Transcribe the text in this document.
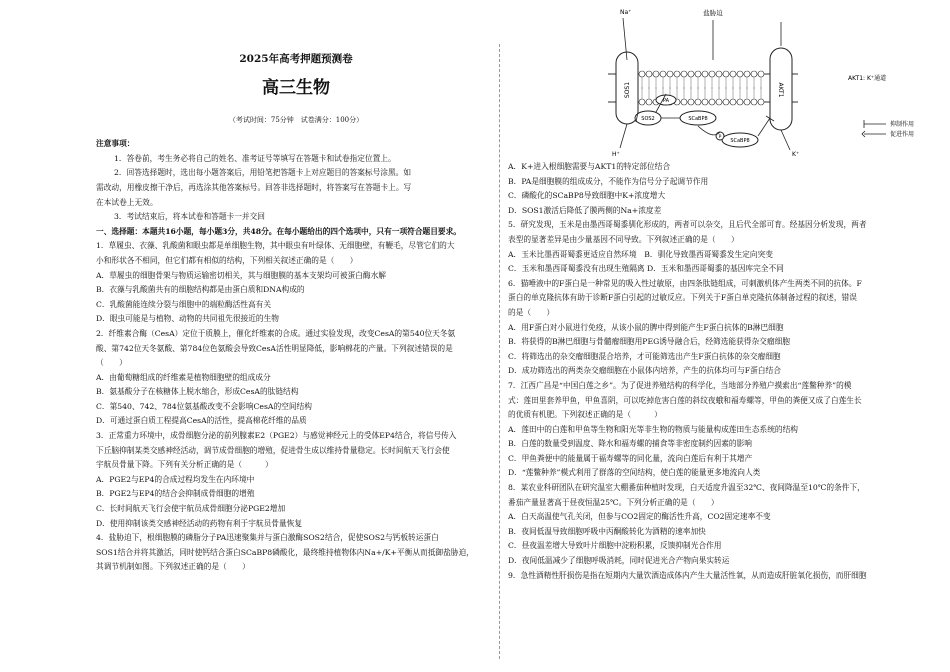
2025年高考押题预测卷

高三生物

（考试时间：75分钟　试卷满分：100分）

注意事项：

1．答卷前，考生务必将自己的姓名、准考证号等填写在答题卡和试卷指定位置上。

2．回答选择题时，选出每小题答案后，用铅笔把答题卡上对应题目的答案标号涂黑。如

需改动，用橡皮擦干净后，再选涂其他答案标号。回答非选择题时，将答案写在答题卡上。写

在本试卷上无效。

3．考试结束后，将本试卷和答题卡一并交回

一、选择题：本题共16小题，每小题3分，共48分。在每小题给出的四个选项中，只有一项符合题目要求。

1．草履虫、衣藻、乳酸菌和眼虫都是单细胞生物，其中眼虫有叶绿体、无细胞壁，有鞭毛，尽管它们的大

小和形状各不相同，但它们都有相似的结构，下列相关叙述正确的是（　　）

A．草履虫的细胞骨架与物质运输密切相关，其与细胞膜的基本支架均可被蛋白酶水解

B．衣藻与乳酸菌共有的细胞结构都是由蛋白质和DNA构成的

C．乳酸菌能连续分裂与细胞中的端粒酶活性高有关

D．眼虫可能是与植物、动物的共同祖先很接近的生物

2．纤维素合酶（CesA）定位于质膜上，催化纤维素的合成。通过实验发现，改变CesA的第540位天冬氨

酸、第742位天冬氨酸、第784位色氨酸会导致CesA活性明显降低，影响棉花的产量。下列叙述错误的是

（　　）

A．由葡萄糖组成的纤维素是植物细胞壁的组成成分

B．氨基酸分子在核糖体上脱水缩合，形成CesA的肽链结构

C．第540、742、784位氨基酸改变不会影响CesA的空间结构

D．可通过蛋白质工程提高CesA的活性，提高棉花纤维的品质

3．正常重力环境中，成骨细胞分泌的前列腺素E2（PGE2）与感觉神经元上的受体EP4结合，将信号传入

下丘脑抑制某类交感神经活动，调节成骨细胞的增殖，促进骨生成以维持骨量稳定。长时间航天飞行会使

宇航员骨量下降。下列有关分析正确的是（　　　）

A．PGE2与EP4的合成过程均发生在内环境中

B．PGE2与EP4的结合会抑制成骨细胞的增殖

C．长时间航天飞行会使宇航员成骨细胞分泌PGE2增加

D．使用抑制该类交感神经活动的药物有利于宇航员骨量恢复

4．盐胁迫下，根细胞膜的磷脂分子PA迅速聚集并与蛋白激酶SOS2结合，促使SOS2与钙板转运蛋白

SOS1结合并将其激活，同时使钙结合蛋白SCaBP8磷酸化，最终维持植物体内Na+/K+平衡从而抵御盐胁迫，

其调节机制如图。下列叙述正确的是（　　）

SOS1	AKT1
PA
SOS2	SCaBP8
SCaBP8
P
Na⁺
H⁺	K⁺
盐胁迫
AKT1: K⁺通道
抑制作用
促进作用

A．K+进入根细胞需要与AKT1的特定部位结合

B．PA是细胞膜的组成成分，不能作为信号分子起调节作用

C．磷酸化的SCaBP8导致细胞中K+浓度增大

D．SOS1激活后降低了膜两侧的Na+浓度差

5．研究发现，玉米是由墨西哥蜀黍驯化形成的，两者可以杂交，且后代全部可育。经基因分析发现，两者

表型的显著差异是由少量基因不同导致。下列叙述正确的是（　　）

A．玉米比墨西哥蜀黍更适应自然环境　B．驯化导致墨西哥蜀黍发生定向突变

C．玉米和墨西哥蜀黍没有出现生殖隔离 D．玉米和墨西哥蜀黍的基因库完全不同

6．猫唾液中的F蛋白是一种常见的吸入性过敏原，由四条肽链组成，可刺激机体产生两类不同的抗体。F

蛋白的单克隆抗体有助于诊断F蛋白引起的过敏反应。下列关于F蛋白单克隆抗体制备过程的叙述，错误

的是（　　）

A．用F蛋白对小鼠进行免疫，从该小鼠的脾中得到能产生F蛋白抗体的B淋巴细胞

B．将获得的B淋巴细胞与骨髓瘤细胞用PEG诱导融合后，经筛选能获得杂交瘤细胞

C．将筛选出的杂交瘤细胞混合培养，才可能筛选出产生F蛋白抗体的杂交瘤细胞

D．成功筛选出的两类杂交瘤细胞在小鼠体内培养，产生的抗体均可与F蛋白结合

7．江西广昌是“中国白莲之乡”。为了促进养殖结构的科学化，当地部分养殖户摸索出“莲鳖种养”的模

式：莲田里套养甲鱼，甲鱼喜阴，可以吃掉危害白莲的斜纹夜蛾和福寿螺等，甲鱼的粪便又成了白莲生长

的优质有机肥。下列叙述正确的是（　　　）

A．莲田中的白莲和甲鱼等生物和阳光等非生物的物质与能量构成莲田生态系统的结构

B．白莲的数量受到温度、降水和福寿螺的捕食等非密度制约因素的影响

C．甲鱼粪便中的能量属于福寿螺等的同化量，流向白莲后有利于其增产

D．“莲鳖种养”模式利用了群落的空间结构，使白莲的能量更多地流向人类

8．某农业科研团队在研究温室大棚番茄种植时发现，白天适度升温至32℃、夜间降温至10℃的条件下，

番茄产量显著高于昼夜恒温25℃。下列分析正确的是（　　）

A．白天高温使气孔关闭，但参与CO2固定的酶活性升高，CO2固定速率不变

B．夜间低温导致细胞呼吸中丙酮酸转化为酒精的速率加快

C．昼夜温差增大导致叶片细胞中淀粉积累，反馈抑制光合作用

D．夜间低温减少了细胞呼吸消耗，同时促进光合产物向果实转运

9．急性酒精性肝损伤是指在短期内大量饮酒造成体内产生大量活性氧，从而造成肝脏氧化损伤，而肝细胞
